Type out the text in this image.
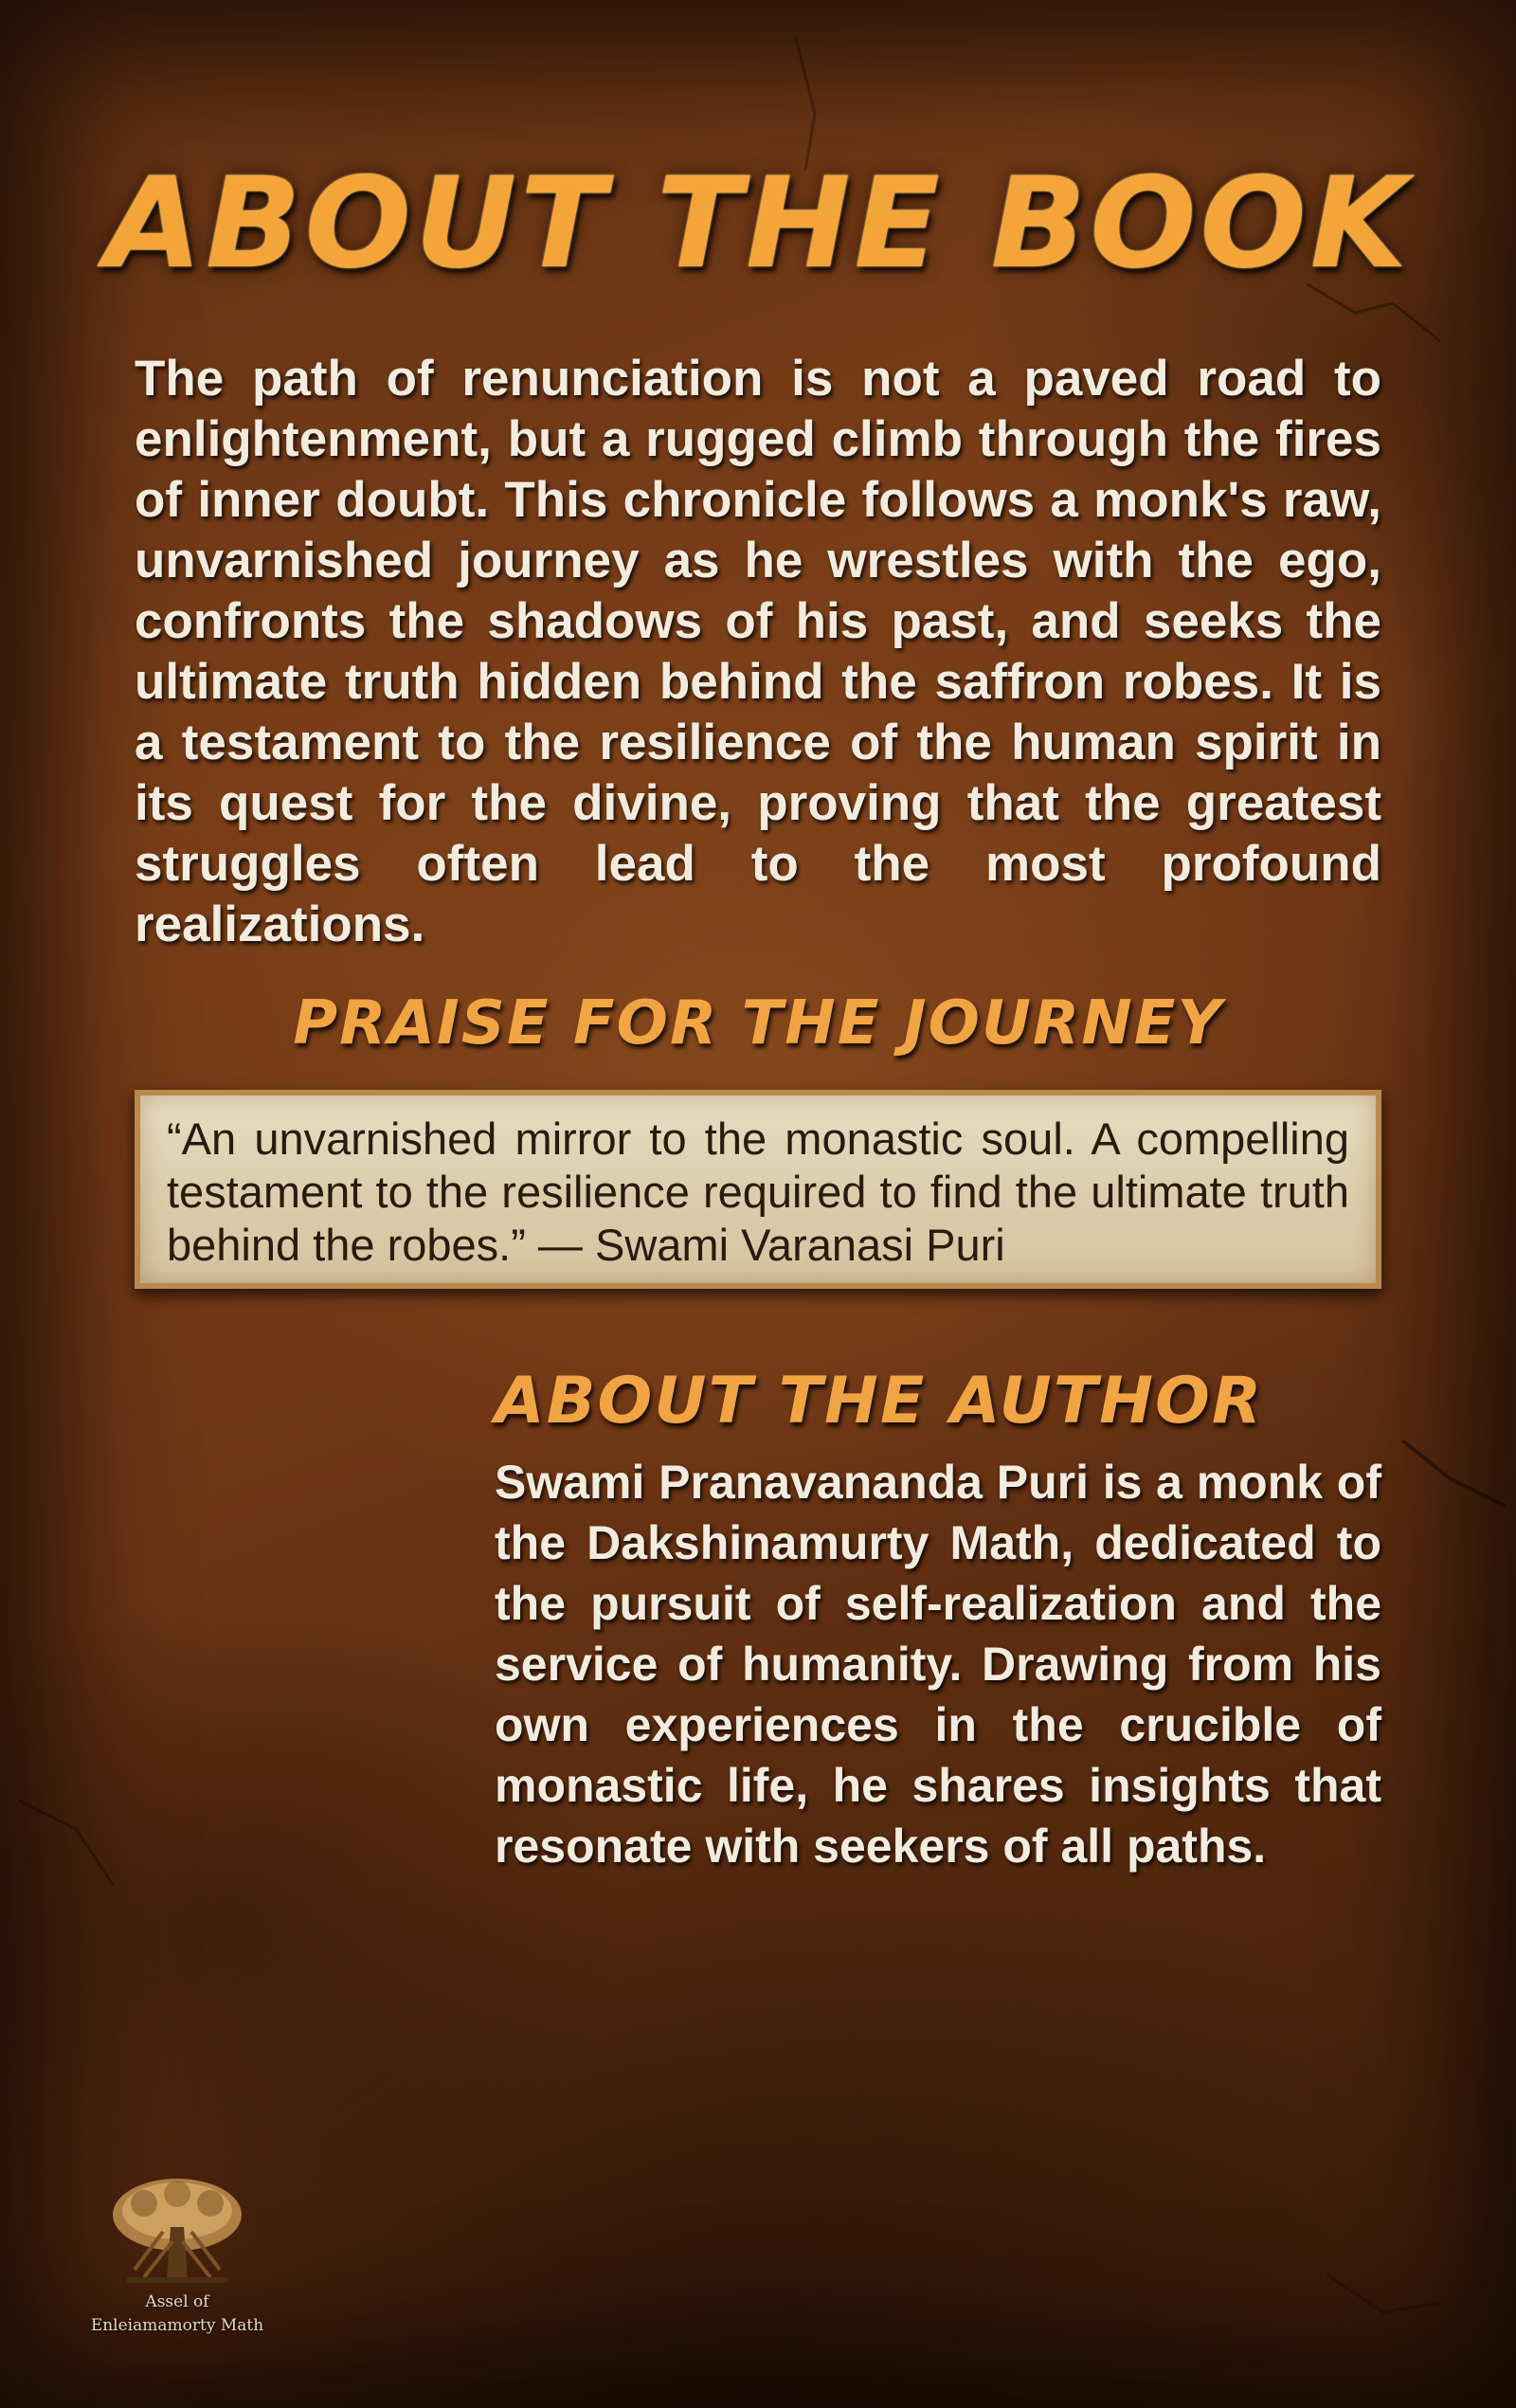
ABOUT THE BOOK

The path of renunciation is not a paved road to enlightenment, but a rugged climb through the fires of inner doubt. This chronicle follows a monk's raw, unvarnished journey as he wrestles with the ego, confronts the shadows of his past, and seeks the ultimate truth hidden behind the saffron robes. It is a testament to the resilience of the human spirit in its quest for the divine, proving that the greatest struggles often lead to the most profound realizations.

PRAISE FOR THE JOURNEY

“An unvarnished mirror to the monastic soul. A compelling testament to the resilience required to find the ultimate truth behind the robes.” — Swami Varanasi Puri

ABOUT THE AUTHOR

Swami Pranavananda Puri is a monk of the Dakshinamurty Math, dedicated to the pursuit of self-realization and the service of humanity. Drawing from his own experiences in the crucible of monastic life, he shares insights that resonate with seekers of all paths.

Assel of
Enleiamamorty Math
